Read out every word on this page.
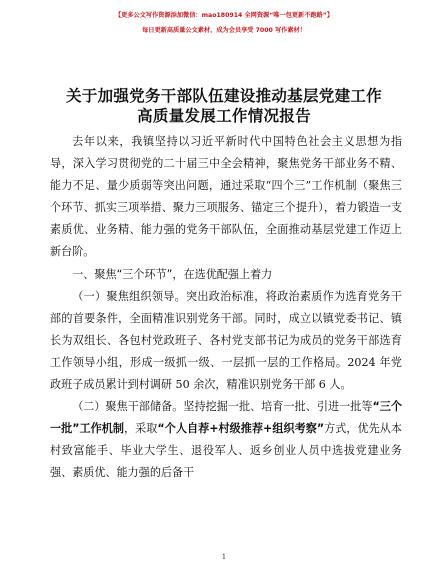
【更多公文写作资源添加微信：mao180914 全网资源“唯一包更新不跑路”】
每日更新高质量公文素材，成为会员享受 7000 写作素材！
关于加强党务干部队伍建设推动基层党建工作
高质量发展工作情况报告

去年以来，我镇坚持以习近平新时代中国特色社会主义思想为指导，深入学习贯彻党的二十届三中全会精神，聚焦党务干部业务不精、能力不足、量少质弱等突出问题，通过采取“四个三”工作机制（聚焦三个环节、抓实三项举措、聚力三项服务、锚定三个提升），着力锻造一支素质优、业务精、能力强的党务干部队伍，全面推动基层党建工作迈上新台阶。

一、聚焦“三个环节”，在选优配强上着力

（一）聚焦组织领导。突出政治标准，将政治素质作为选育党务干部的首要条件，全面精准识别党务干部。同时，成立以镇党委书记、镇长为双组长、各包村党政班子、各村党支部书记为成员的党务干部选育工作领导小组，形成一级抓一级、一层抓一层的工作格局。2024 年党政班子成员累计到村调研 50 余次，精准识别党务干部 6 人。

（二）聚焦干部储备。坚持挖掘一批、培育一批、引进一批等“三个一批”工作机制，采取“个人自荐+村级推荐+组织考察”方式，优先从本村致富能手、毕业大学生、退役军人、返乡创业人员中选拔党建业务强、素质优、能力强的后备干

1
